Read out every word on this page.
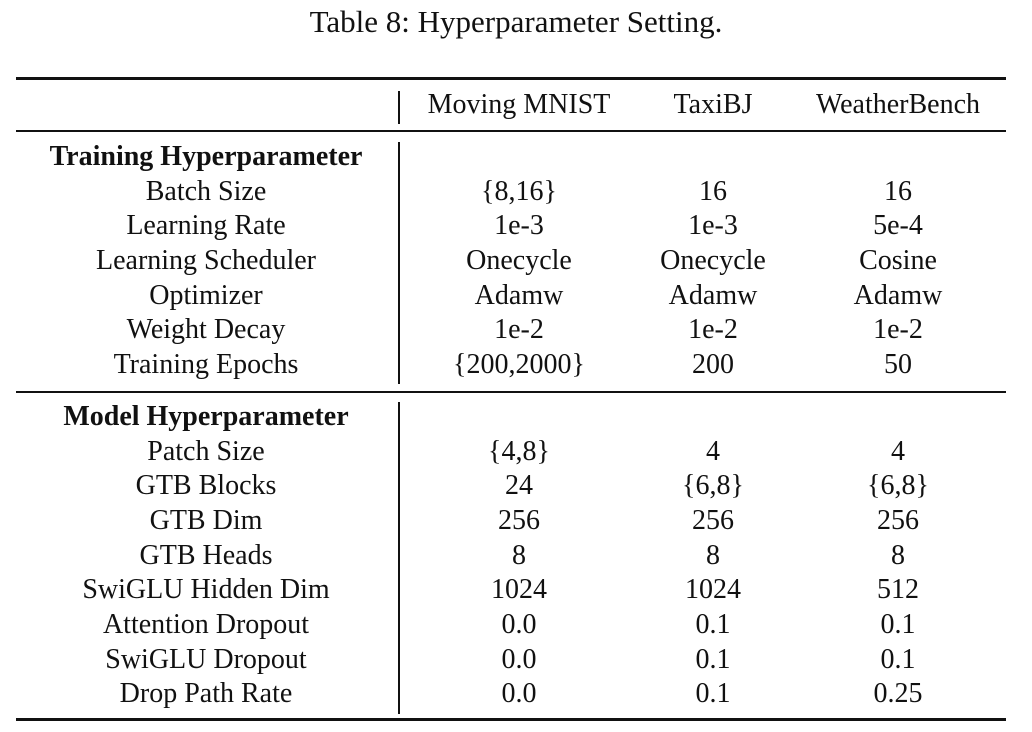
Table 8: Hyperparameter Setting.
Moving MNIST	TaxiBJ	WeatherBench
Training Hyperparameter
Batch Size	{8,16}	16	16
Learning Rate	1e-3	1e-3	5e-4
Learning Scheduler	Onecycle	Onecycle	Cosine
Optimizer	Adamw	Adamw	Adamw
Weight Decay	1e-2	1e-2	1e-2
Training Epochs	{200,2000}	200	50
Model Hyperparameter
Patch Size	{4,8}	4	4
GTB Blocks	24	{6,8}	{6,8}
GTB Dim	256	256	256
GTB Heads	8	8	8
SwiGLU Hidden Dim	1024	1024	512
Attention Dropout	0.0	0.1	0.1
SwiGLU Dropout	0.0	0.1	0.1
Drop Path Rate	0.0	0.1	0.25
